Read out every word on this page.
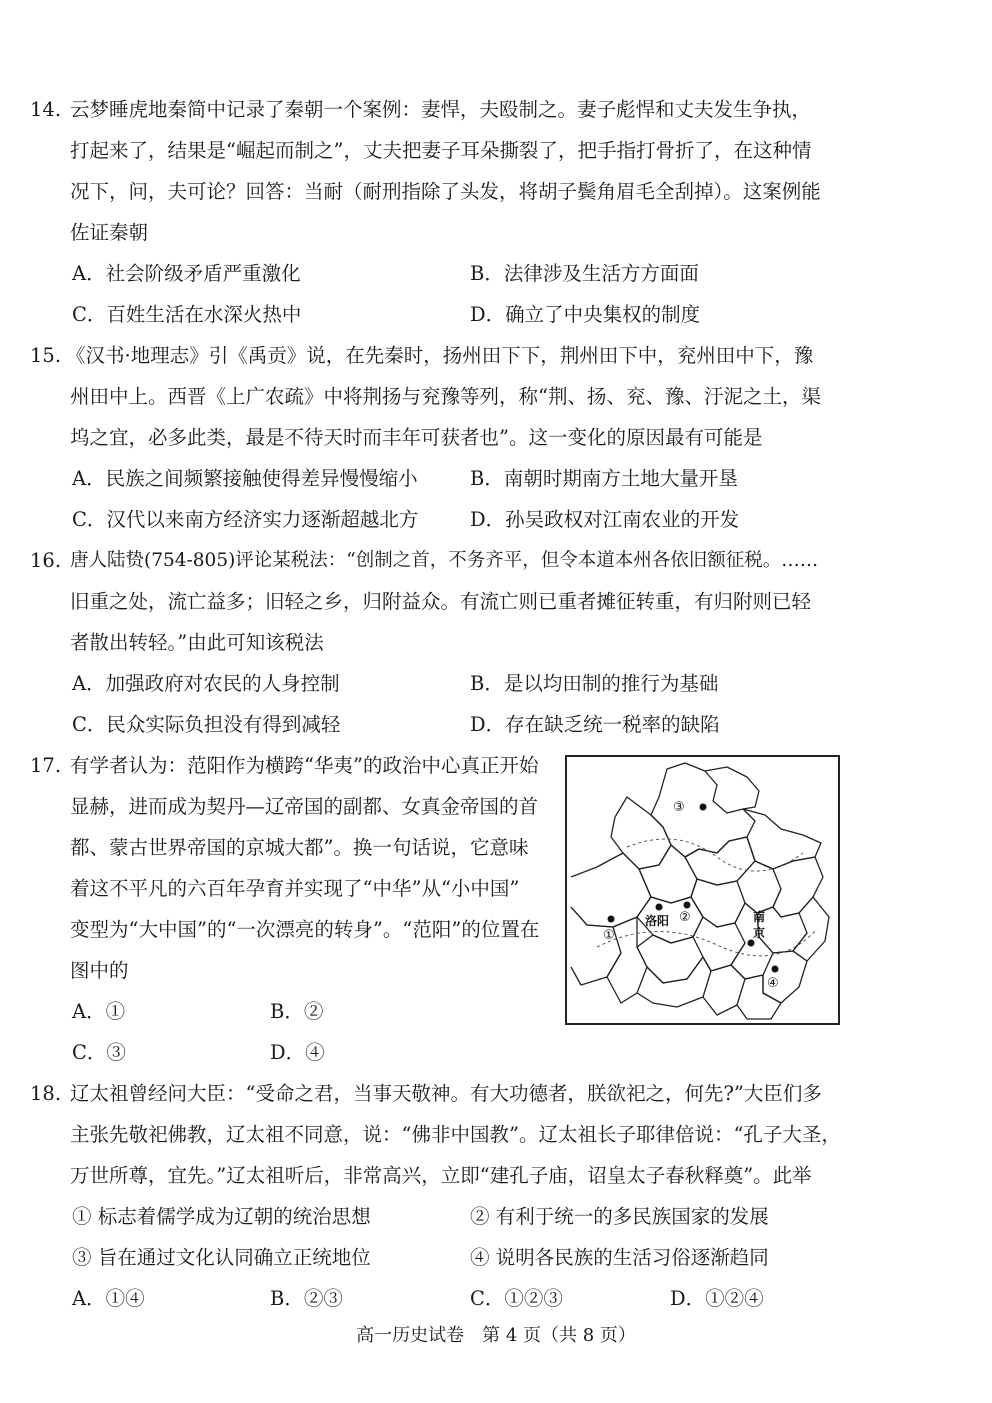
14. 云梦睡虎地秦简中记录了秦朝一个案例：妻悍，夫殴制之。妻子彪悍和丈夫发生争执，
打起来了，结果是“崛起而制之”，丈夫把妻子耳朵撕裂了，把手指打骨折了，在这种情
况下，问，夫可论？回答：当耐（耐刑指除了头发，将胡子鬓角眉毛全刮掉）。这案例能
佐证秦朝
A．社会阶级矛盾严重激化	B．法律涉及生活方方面面
C．百姓生活在水深火热中	D．确立了中央集权的制度
15. 《汉书·地理志》引《禹贡》说，在先秦时，扬州田下下，荆州田下中，兖州田中下，豫
州田中上。西晋《上广农疏》中将荆扬与兖豫等列，称“荆、扬、兖、豫、汙泥之土，渠
坞之宜，必多此类，最是不待天时而丰年可获者也”。这一变化的原因最有可能是
A．民族之间频繁接触使得差异慢慢缩小	B．南朝时期南方土地大量开垦
C．汉代以来南方经济实力逐渐超越北方	D．孙吴政权对江南农业的开发
16. 唐人陆贽(754-805)评论某税法：“创制之首，不务齐平，但令本道本州各依旧额征税。……
旧重之处，流亡益多；旧轻之乡，归附益众。有流亡则已重者摊征转重，有归附则已轻
者散出转轻。”由此可知该税法
A．加强政府对农民的人身控制	B．是以均田制的推行为基础
C．民众实际负担没有得到减轻	D．存在缺乏统一税率的缺陷
17. 有学者认为：范阳作为横跨“华夷”的政治中心真正开始
显赫，进而成为契丹—辽帝国的副都、女真金帝国的首
都、蒙古世界帝国的京城大都”。换一句话说，它意味
着这不平凡的六百年孕育并实现了“中华”从“小中国”
变型为“大中国”的“一次漂亮的转身”。“范阳”的位置在
图中的
A．①	B．②
C．③	D．④
③
②
①
④
洛阳	南
京
18. 辽太祖曾经问大臣：“受命之君，当事天敬神。有大功德者，朕欲祀之，何先?”大臣们多
主张先敬祀佛教，辽太祖不同意，说：“佛非中国教”。辽太祖长子耶律倍说：“孔子大圣，
万世所尊，宜先。”辽太祖听后，非常高兴，立即“建孔子庙，诏皇太子春秋释奠”。此举
① 标志着儒学成为辽朝的统治思想	② 有利于统一的多民族国家的发展
③ 旨在通过文化认同确立正统地位	④ 说明各民族的生活习俗逐渐趋同
A．①④	B．②③	C．①②③	D．①②④
高一历史试卷　第 4 页（共 8 页）
